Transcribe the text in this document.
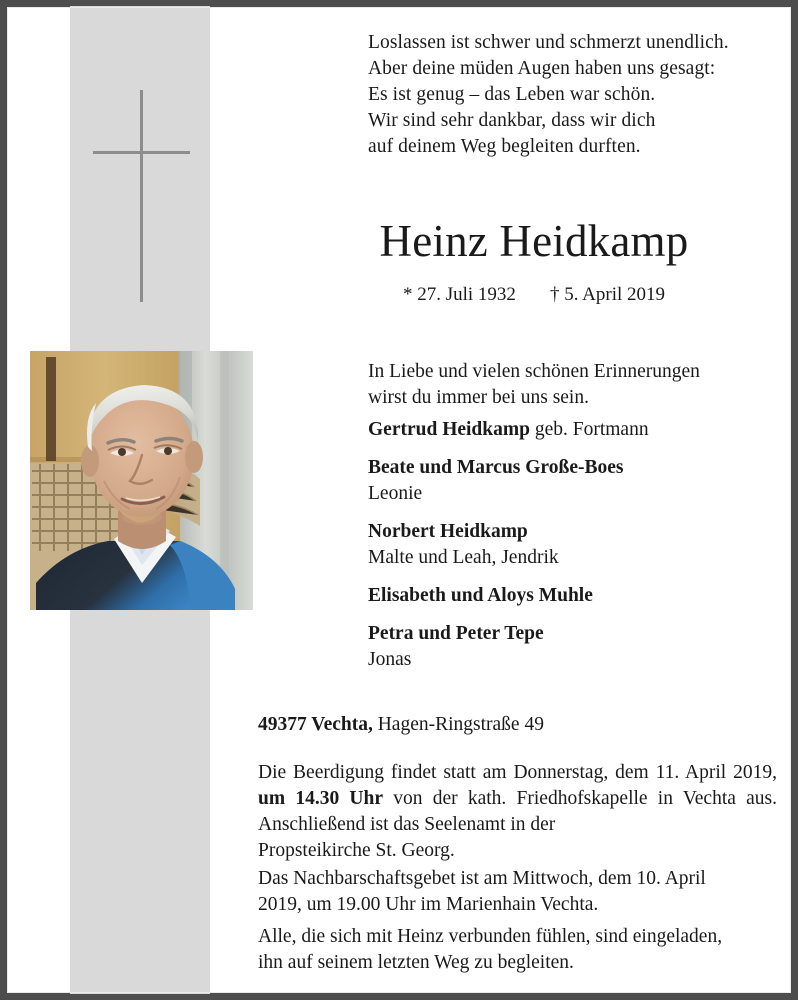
Loslassen ist schwer und schmerzt unendlich.
Aber deine müden Augen haben uns gesagt:
Es ist genug – das Leben war schön.
Wir sind sehr dankbar, dass wir dich
auf deinem Weg begleiten durften.
Heinz Heidkamp
* 27. Juli 1932 † 5. April 2019
In Liebe und vielen schönen Erinnerungen
wirst du immer bei uns sein.
Gertrud Heidkamp geb. Fortmann
Beate und Marcus Große-Boes
Leonie
Norbert Heidkamp
Malte und Leah, Jendrik
Elisabeth und Aloys Muhle
Petra und Peter Tepe
Jonas
49377 Vechta, Hagen-Ringstraße 49
Die Beerdigung findet statt am Donnerstag, dem 11. April 2019, um 14.30 Uhr von der kath. Friedhofskapelle in Vechta aus. Anschließend ist das Seelenamt in der
Propsteikirche St. Georg.
Das Nachbarschaftsgebet ist am Mittwoch, dem 10. April
2019, um 19.00 Uhr im Marienhain Vechta.
Alle, die sich mit Heinz verbunden fühlen, sind eingeladen,
ihn auf seinem letzten Weg zu begleiten.
